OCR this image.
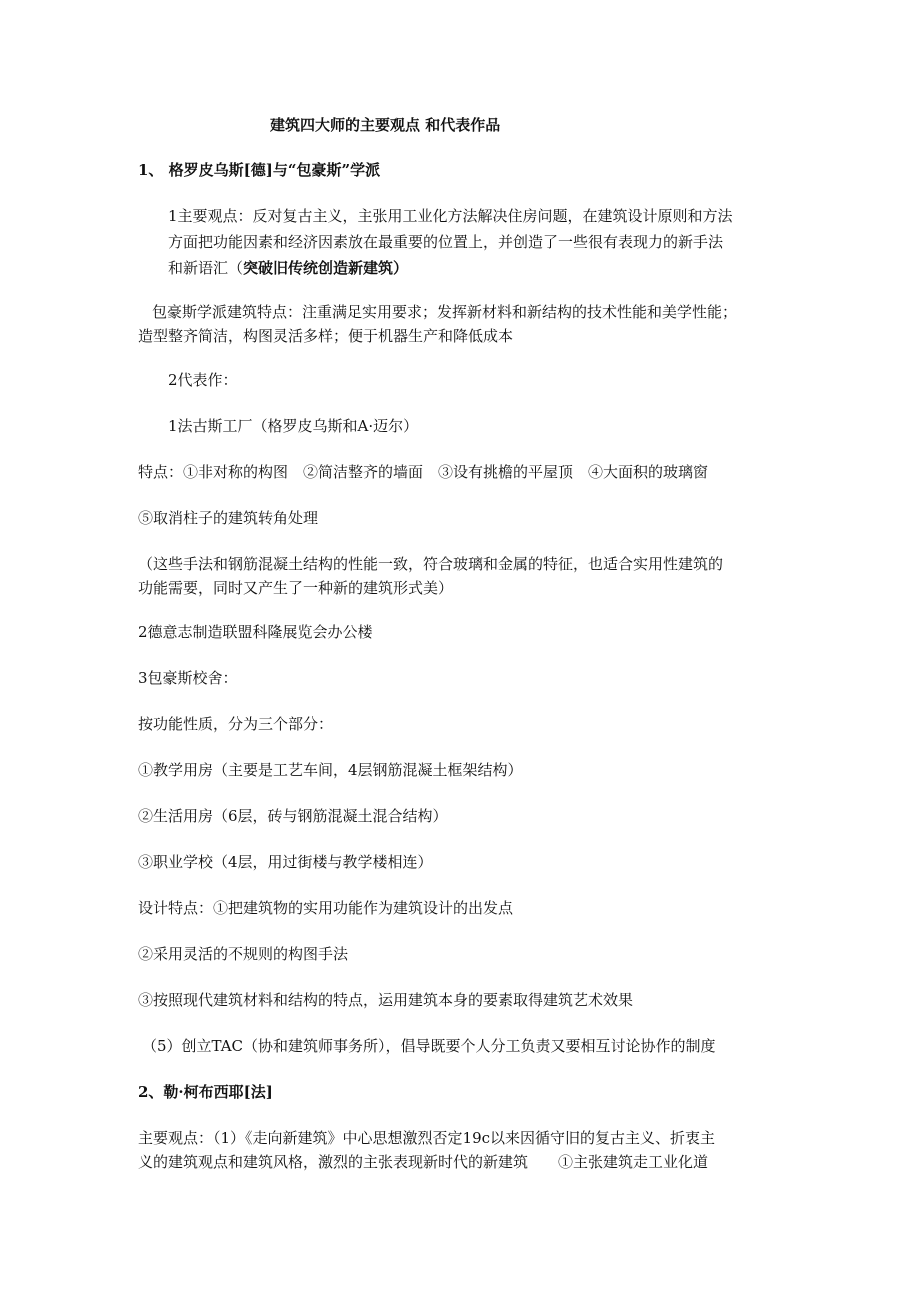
建筑四大师的主要观点 和代表作品
1、 格罗皮乌斯[德]与“包豪斯”学派
1主要观点：反对复古主义，主张用工业化方法解决住房问题，在建筑设计原则和方法
方面把功能因素和经济因素放在最重要的位置上，并创造了一些很有表现力的新手法
和新语汇（突破旧传统创造新建筑）
包豪斯学派建筑特点：注重满足实用要求；发挥新材料和新结构的技术性能和美学性能；
造型整齐简洁，构图灵活多样；便于机器生产和降低成本
2代表作：
1法古斯工厂（格罗皮乌斯和A·迈尔）
特点：①非对称的构图　②简洁整齐的墙面　③设有挑檐的平屋顶　④大面积的玻璃窗
⑤取消柱子的建筑转角处理
（这些手法和钢筋混凝土结构的性能一致，符合玻璃和金属的特征，也适合实用性建筑的
功能需要，同时又产生了一种新的建筑形式美）
2德意志制造联盟科隆展览会办公楼
3包豪斯校舍：
按功能性质，分为三个部分：
①教学用房（主要是工艺车间，4层钢筋混凝土框架结构）
②生活用房（6层，砖与钢筋混凝土混合结构）
③职业学校（4层，用过街楼与教学楼相连）
设计特点：①把建筑物的实用功能作为建筑设计的出发点
②采用灵活的不规则的构图手法
③按照现代建筑材料和结构的特点，运用建筑本身的要素取得建筑艺术效果
（5）创立TAC（协和建筑师事务所），倡导既要个人分工负责又要相互讨论协作的制度
2、勒·柯布西耶[法]
主要观点：（1）《走向新建筑》中心思想激烈否定19c以来因循守旧的复古主义、折衷主
义的建筑观点和建筑风格，激烈的主张表现新时代的新建筑　　①主张建筑走工业化道
